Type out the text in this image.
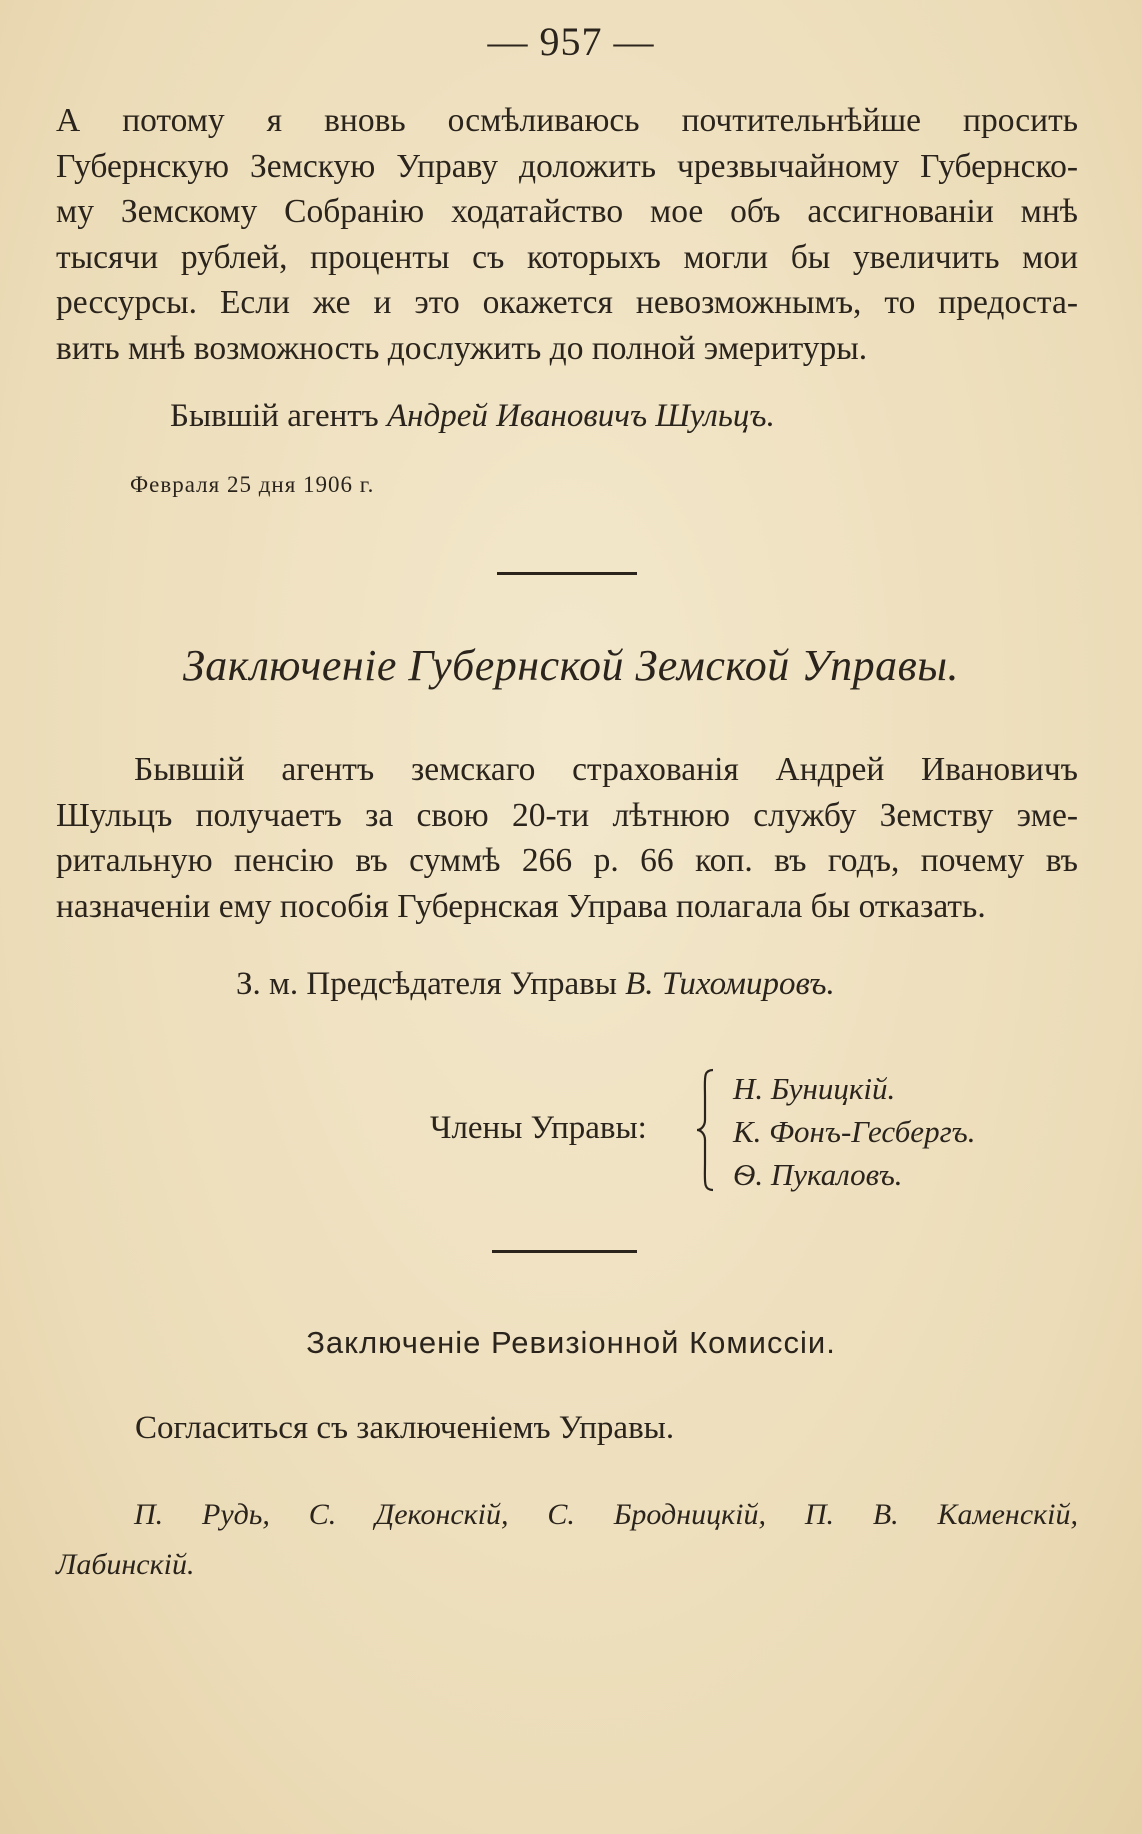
— 957 —
А потому я вновь осмѣливаюсь почтительнѣйше просить
Губернскую Земскую Управу доложить чрезвычайному Губернско-
му Земскому Собранію ходатайство мое объ ассигнованіи мнѣ
тысячи рублей, проценты съ которыхъ могли бы увеличить мои
рессурсы. Если же и это окажется невозможнымъ, то предоста-
вить мнѣ возможность дослужить до полной эмеритуры.
Бывшій агентъ Андрей Ивановичъ Шульцъ.
Февраля 25 дня 1906 г.
Заключеніе Губернской Земской Управы.
Бывшій агентъ земскаго страхованія Андрей Ивановичъ
Шульцъ получаетъ за свою 20-ти лѣтнюю службу Земству эме-
ритальную пенсію въ суммѣ 266 р. 66 коп. въ годъ, почему въ
назначеніи ему пособія Губернская Управа полагала бы отказать.
З. м. Предсѣдателя Управы В. Тихомировъ.
Члены Управы:
Н. Буницкій.
К. Фонъ-Гесбергъ.
Ѳ. Пукаловъ.
Заключеніе Ревизіонной Комиссіи.
Согласиться съ заключеніемъ Управы.
П. Рудь, С. Деконскій, С. Бродницкій, П. В. Каменскій,
Лабинскій.
